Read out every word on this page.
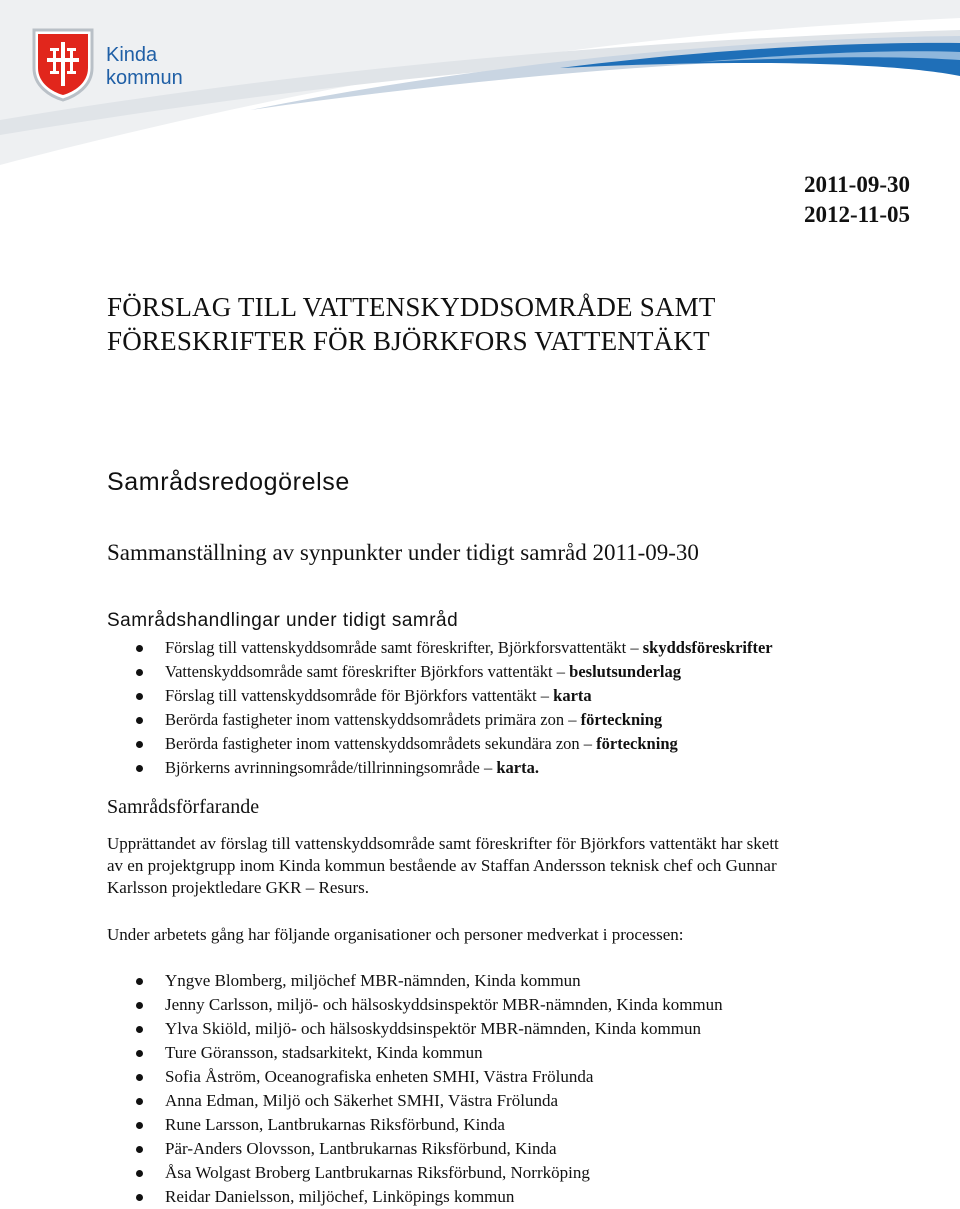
Kinda
kommun
2011-09-30
2012-11-05
FÖRSLAG TILL VATTENSKYDDSOMRÅDE SAMT
FÖRESKRIFTER FÖR BJÖRKFORS VATTENTÄKT
Samrådsredogörelse
Sammanställning av synpunkter under tidigt samråd 2011-09-30
Samrådshandlingar under tidigt samråd
Förslag till vattenskyddsområde samt föreskrifter, Björkforsvattentäkt – skyddsföreskrifter
Vattenskyddsområde samt föreskrifter Björkfors vattentäkt – beslutsunderlag
Förslag till vattenskyddsområde för Björkfors vattentäkt – karta
Berörda fastigheter inom vattenskyddsområdets primära zon – förteckning
Berörda fastigheter inom vattenskyddsområdets sekundära zon – förteckning
Björkerns avrinningsområde/tillrinningsområde – karta.
Samrådsförfarande
Upprättandet av förslag till vattenskyddsområde samt föreskrifter för Björkfors vattentäkt har skett
av en projektgrupp inom Kinda kommun bestående av Staffan Andersson teknisk chef och Gunnar
Karlsson projektledare GKR – Resurs.
Under arbetets gång har följande organisationer och personer medverkat i processen:
Yngve Blomberg, miljöchef MBR-nämnden, Kinda kommun
Jenny Carlsson, miljö- och hälsoskyddsinspektör MBR-nämnden, Kinda kommun
Ylva Skiöld, miljö- och hälsoskyddsinspektör MBR-nämnden, Kinda kommun
Ture Göransson, stadsarkitekt, Kinda kommun
Sofia Åström, Oceanografiska enheten SMHI, Västra Frölunda
Anna Edman, Miljö och Säkerhet SMHI, Västra Frölunda
Rune Larsson, Lantbrukarnas Riksförbund, Kinda
Pär-Anders Olovsson, Lantbrukarnas Riksförbund, Kinda
Åsa Wolgast Broberg Lantbrukarnas Riksförbund, Norrköping
Reidar Danielsson, miljöchef, Linköpings kommun
